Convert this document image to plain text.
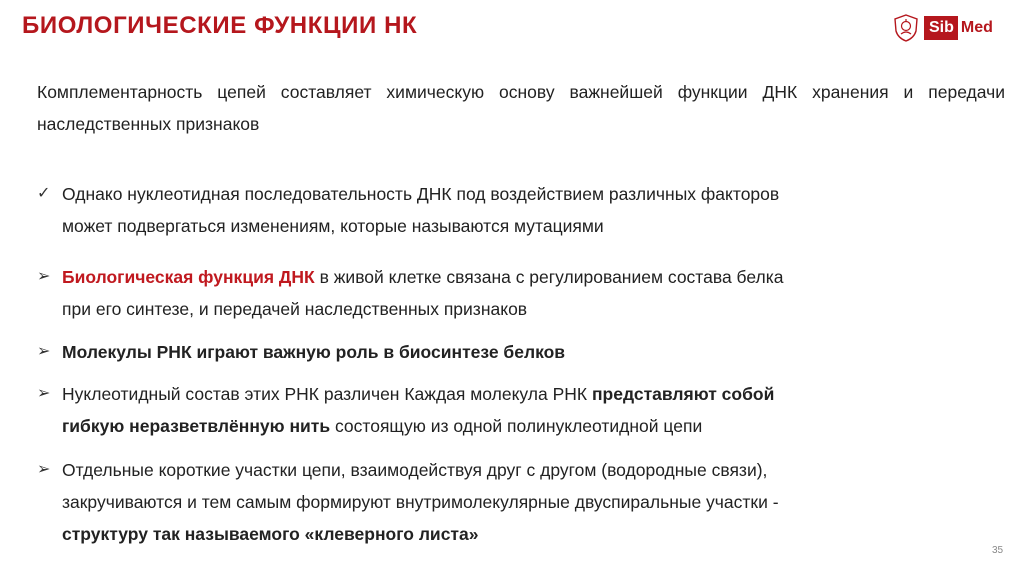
БИОЛОГИЧЕСКИЕ ФУНКЦИИ НК	Sib Med
Комплементарность цепей составляет химическую основу важнейшей функции ДНК хранения и передачи наследственных признаков
✓ Однако нуклеотидная последовательность ДНК под воздействием различных факторов
может подвергаться изменениям, которые называются мутациями
➢ Биологическая функция ДНК в живой клетке связана с регулированием состава белка
при его синтезе, и передачей наследственных признаков
➢ Молекулы РНК играют важную роль в биосинтезе белков
➢ Нуклеотидный состав этих РНК различен Каждая молекула РНК представляют собой
гибкую неразветвлённую нить состоящую из одной полинуклеотидной цепи
➢ Отдельные короткие участки цепи, взаимодействуя друг с другом (водородные связи),
закручиваются и тем самым формируют внутримолекулярные двуспиральные участки -
структуру так называемого «клеверного листа»
35
